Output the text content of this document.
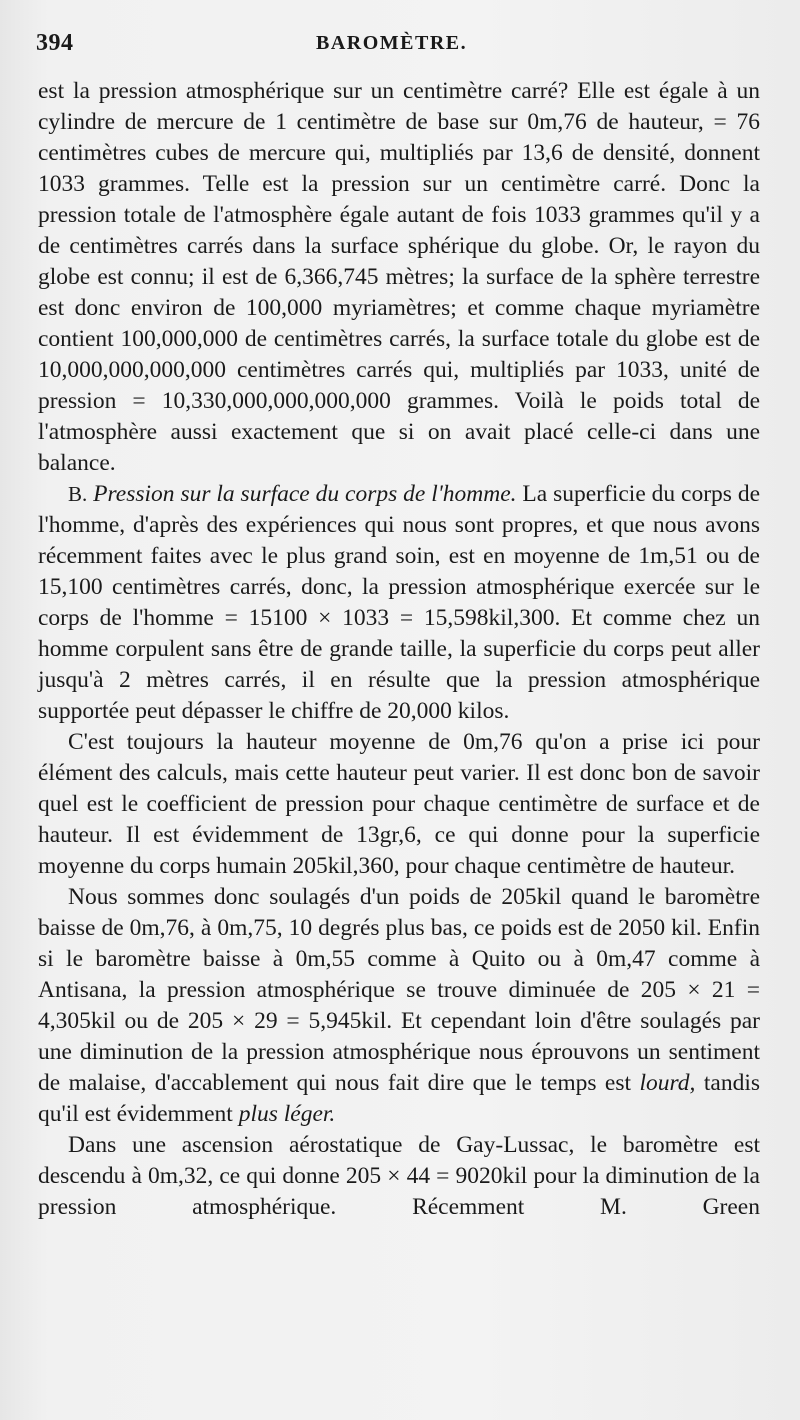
394	BAROMÈTRE.

est la pression atmosphérique sur un centimètre carré? Elle est égale à un cylindre de mercure de 1 centimètre de base sur 0m,76 de hauteur, = 76 centimètres cubes de mercure qui, multipliés par 13,6 de densité, donnent 1033 grammes. Telle est la pression sur un centimètre carré. Donc la pression totale de l'atmosphère égale autant de fois 1033 grammes qu'il y a de centimètres carrés dans la surface sphérique du globe. Or, le rayon du globe est connu; il est de 6,366,745 mètres; la surface de la sphère terrestre est donc environ de 100,000 myriamètres; et comme chaque myriamètre contient 100,000,000 de centimètres carrés, la surface totale du globe est de 10,000,000,000,000 centimètres carrés qui, multipliés par 1033, unité de pression = 10,330,000,000,000,000 grammes. Voilà le poids total de l'atmosphère aussi exactement que si on avait placé celle-ci dans une balance.

B. Pression sur la surface du corps de l'homme. La superficie du corps de l'homme, d'après des expériences qui nous sont propres, et que nous avons récemment faites avec le plus grand soin, est en moyenne de 1m,51 ou de 15,100 centimètres carrés, donc, la pression atmosphérique exercée sur le corps de l'homme = 15100 × 1033 = 15,598kil,300. Et comme chez un homme corpulent sans être de grande taille, la superficie du corps peut aller jusqu'à 2 mètres carrés, il en résulte que la pression atmosphérique supportée peut dépasser le chiffre de 20,000 kilos.

C'est toujours la hauteur moyenne de 0m,76 qu'on a prise ici pour élément des calculs, mais cette hauteur peut varier. Il est donc bon de savoir quel est le coefficient de pression pour chaque centimètre de surface et de hauteur. Il est évidemment de 13gr,6, ce qui donne pour la superficie moyenne du corps humain 205kil,360, pour chaque centimètre de hauteur.

Nous sommes donc soulagés d'un poids de 205kil quand le baromètre baisse de 0m,76, à 0m,75, 10 degrés plus bas, ce poids est de 2050 kil. Enfin si le baromètre baisse à 0m,55 comme à Quito ou à 0m,47 comme à Antisana, la pression atmosphérique se trouve diminuée de 205 × 21 = 4,305kil ou de 205 × 29 = 5,945kil. Et cependant loin d'être soulagés par une diminution de la pression atmosphérique nous éprouvons un sentiment de malaise, d'accablement qui nous fait dire que le temps est lourd, tandis qu'il est évidemment plus léger.

Dans une ascension aérostatique de Gay-Lussac, le baromètre est descendu à 0m,32, ce qui donne 205 × 44 = 9020kil pour la diminution de la pression atmosphérique. Récemment M. Green
